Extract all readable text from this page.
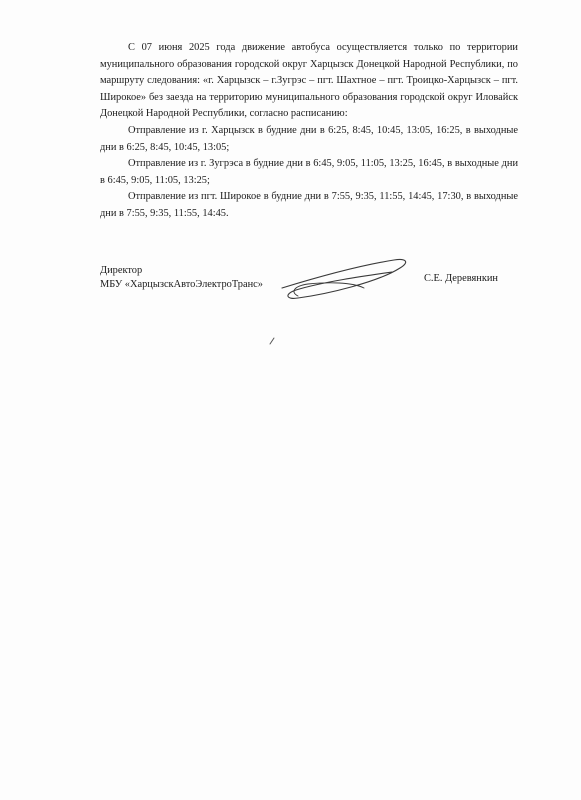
С 07 июня 2025 года движение автобуса осуществляется только по территории муниципального образования городской округ Харцызск Донецкой Народной Республики, по маршруту следования: «г. Харцызск – г.Зугрэс – пгт. Шахтное – пгт. Троицко-Харцызск – пгт. Широкое» без заезда на территорию муниципального образования городской округ Иловайск Донецкой Народной Республики, согласно расписанию:

Отправление из г. Харцызск в будние дни в 6:25, 8:45, 10:45, 13:05, 16:25, в выходные дни в 6:25, 8:45, 10:45, 13:05;

Отправление из г. Зугрэса в будние дни в 6:45, 9:05, 11:05, 13:25, 16:45, в выходные дни в 6:45, 9:05, 11:05, 13:25;

Отправление из пгт. Широкое в будние дни в 7:55, 9:35, 11:55, 14:45, 17:30, в выходные дни в 7:55, 9:35, 11:55, 14:45.

Директор
МБУ «ХарцызскАвтоЭлектроТранс»
С.Е. Деревянкин
